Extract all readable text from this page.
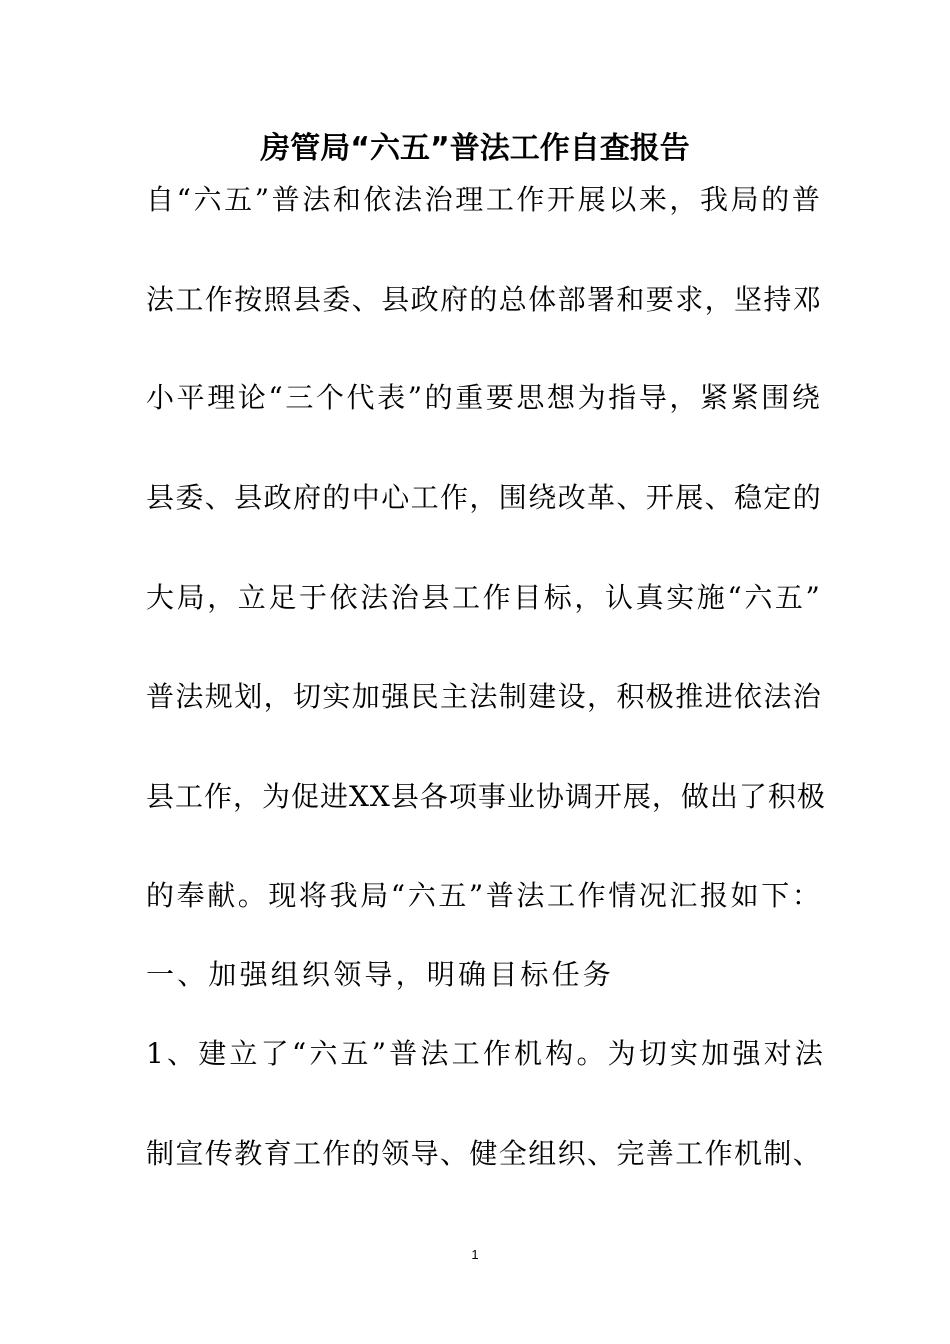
房管局“六五”普法工作自查报告
自“六五”普法和依法治理工作开展以来，我局的普
法工作按照县委、县政府的总体部署和要求，坚持邓
小平理论“三个代表”的重要思想为指导，紧紧围绕
县委、县政府的中心工作，围绕改革、开展、稳定的
大局，立足于依法治县工作目标，认真实施“六五”
普法规划，切实加强民主法制建设，积极推进依法治
县工作，为促进XX县各项事业协调开展，做出了积极
的奉献。现将我局“六五”普法工作情况汇报如下：
一、加强组织领导，明确目标任务
1、建立了“六五”普法工作机构。为切实加强对法
制宣传教育工作的领导、健全组织、完善工作机制、
1
